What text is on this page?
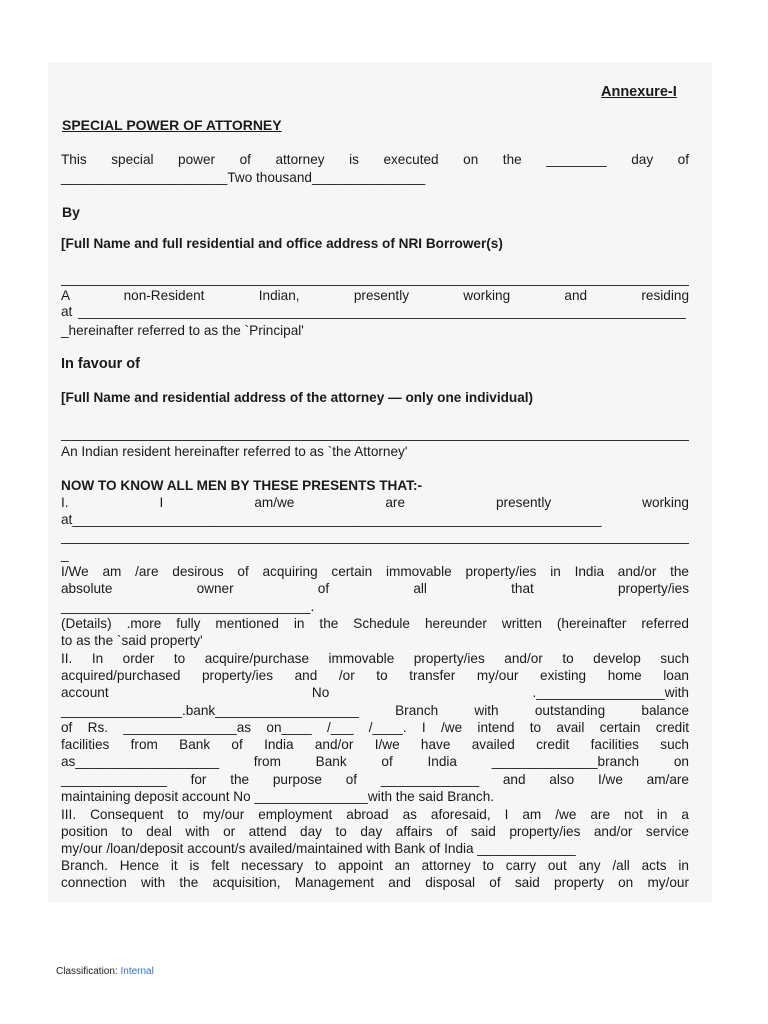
Annexure-I
SPECIAL POWER OF ATTORNEY
This special power of attorney is executed on the ________ day of
______________________Two thousand_______________
By
[Full Name and full residential and office address of NRI Borrower(s)
A non-Resident Indian, presently working and residing
at
_hereinafter referred to as the `Principal'
In favour of
[Full Name and residential address of the attorney — only one individual)
An Indian resident hereinafter referred to as `the Attorney'
NOW TO KNOW ALL MEN BY THESE PRESENTS THAT:-
I. I am/we are presently working
at______________________________________________________________________
_
I/We am /are desirous of acquiring certain immovable property/ies in India and/or the
absolute owner of all that property/ies
_________________________________.
(Details) .more fully mentioned in the Schedule hereunder written (hereinafter referred
to as the `said property'
II. In order to acquire/purchase immovable property/ies and/or to develop such
acquired/purchased property/ies and /or to transfer my/our existing home loan
account No ._________________with
________________.bank___________________ Branch with outstanding balance
of Rs. _______________as on____ /___ /____. I /we intend to avail certain credit
facilities from Bank of India and/or I/we have availed credit facilities such
as___________________ from Bank of India ______________branch on
______________ for the purpose of _____________ and also I/we am/are
maintaining deposit account No _______________with the said Branch.
III. Consequent to my/our employment abroad as aforesaid, I am /we are not in a
position to deal with or attend day to day affairs of said property/ies and/or service
my/our /loan/deposit account/s availed/maintained with Bank of India _____________
Branch. Hence it is felt necessary to appoint an attorney to carry out any /all acts in
connection with the acquisition, Management and disposal of said property on my/our
Classification: Internal
